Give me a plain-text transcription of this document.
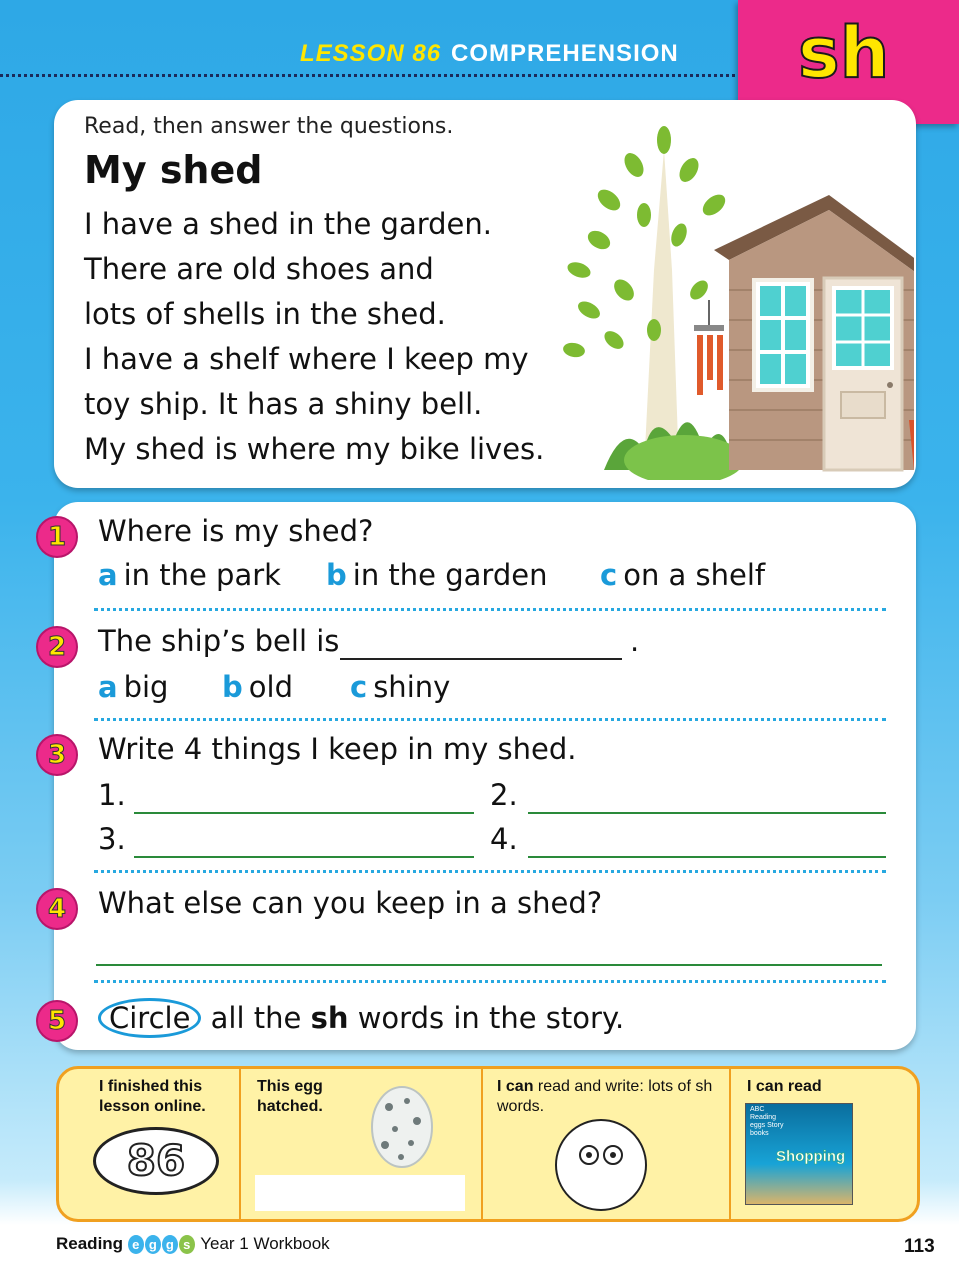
LESSON 86 COMPREHENSION sh
Read, then answer the questions.
My shed
I have a shed in the garden.
There are old shoes and
lots of shells in the shed.
I have a shelf where I keep my
toy ship. It has a shiny bell.
My shed is where my bike lives.
1	Where is my shed?
a in the park b in the garden c on a shelf
2	The ship’s bell is	.
a big b old c shiny
3	Write 4 things I keep in my shed.
1.	2.
3.	4.
4	What else can you keep in a shed?
5	Circle all the sh words in the story.
I finished this lesson online.
86
This egg
hatched.
I can read and write: lots of sh words.
I can read
ABC Reading eggs Story books
Shopping
Reading e g g s Year 1 Workbook	113
